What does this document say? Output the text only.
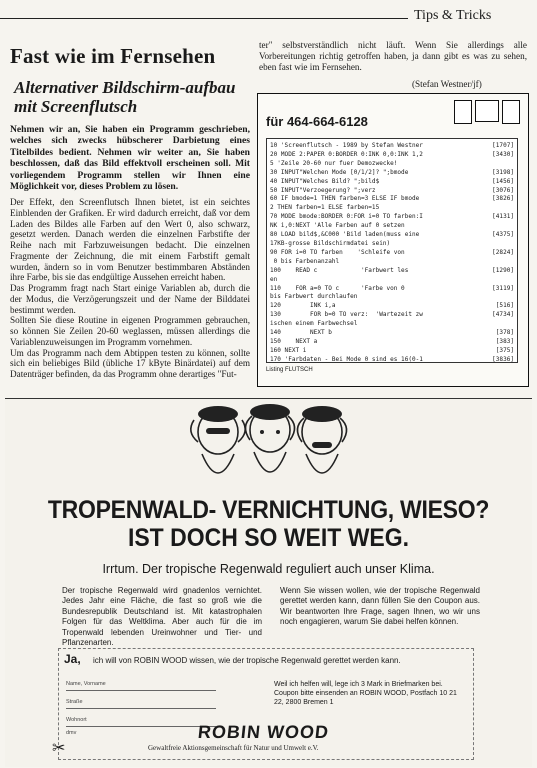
Tips & Tricks
Fast wie im Fernsehen
Alternativer Bildschirm-aufbau mit Screenflutsch
Nehmen wir an, Sie haben ein Programm geschrieben, welches sich zwecks hübscherer Darbietung eines Titelbildes bedient. Nehmen wir weiter an, Sie haben beschlossen, daß das Bild effektvoll erscheinen soll. Mit vorliegendem Programm stellen wir Ihnen eine Möglichkeit vor, dieses Problem zu lösen.

Der Effekt, den Screenflutsch Ihnen bietet, ist ein seichtes Einblenden der Grafiken. Er wird dadurch erreicht, daß vor dem Laden des Bildes alle Farben auf den Wert 0, also schwarz, gesetzt werden. Danach werden die einzelnen Farbstifte der Reihe nach mit Farbzuweisungen bedacht. Die einzelnen Fragmente der Zeichnung, die mit einem Farbstift gemalt wurden, ändern so in vom Benutzer bestimmbaren Abständen ihre Farbe, bis sie das endgültige Aussehen erreicht haben.

Das Programm fragt nach Start einige Variablen ab, durch die der Modus, die Verzögerungszeit und der Name der Bilddatei bestimmt werden.

Sollten Sie diese Routine in eigenen Programmen gebrauchen, so können Sie Zeilen 20-60 weglassen, müssen allerdings die Variablenzuweisungen im Programm vornehmen.

Um das Programm nach dem Abtippen testen zu können, sollte sich ein beliebiges Bild (übliche 17 kByte Binärdatei) auf dem Datenträger befinden, da das Programm ohne derartiges "Fut-

ter" selbstverständlich nicht läuft. Wenn Sie allerdings alle Vorbereitungen richtig getroffen haben, ja dann gibt es was zu sehen, eben fast wie im Fernsehen.

(Stefan Westner/jf)
für 464-664-6128
10 'Screenflutsch - 1989 by Stefan Westner	[1707]
20 MODE 2:PAPER 0:BORDER 0:INK 0,0:INK 1,2	[3430]
5 'Zeile 20-60 nur fuer Demozwecke!
30 INPUT"Welchen Mode [0/1/2]? ";bmode	[3198]
40 INPUT"Welches Bild? ";bild$	[1456]
50 INPUT"Verzoegerung? ";verz	[3076]
60 IF bmode=1 THEN farben=3 ELSE IF bmode	[3826]
2 THEN farben=1 ELSE farben=15
70 MODE bmode:BORDER 0:FOR i=0 TO farben:I	[4131]
NK i,0:NEXT 'Alle Farben auf 0 setzen
80 LOAD bild$,&C000 'Bild laden(muss eine	[4375]
17KB-grosse Bildschirmdatei sein)
90 FOR i=0 TO farben    'Schleife von	[2824]
0 bis Farbenanzahl
100    READ c            'Farbwert les	[1290]
en
110    FOR a=0 TO c      'Farbe von 0	[3119]
bis Farbwert durchlaufen
120        INK i,a	[516]
130        FOR b=0 TO verz:  'Wartezeit zw	[4734]
ischen einem Farbwechsel
140        NEXT b	[378]
150    NEXT a	[383]
160 NEXT i	[375]
170 'Farbdaten - Bei Mode 0 sind es 16(0-1	[3836]
Listing FLUTSCH
TROPENWALD- VERNICHTUNG, WIESO?
IST DOCH SO WEIT WEG.
Irrtum. Der tropische Regenwald reguliert auch unser Klima.
Der tropische Regenwald wird gnadenlos vernichtet. Jedes Jahr eine Fläche, die fast so groß wie die Bundesrepublik Deutschland ist. Mit katastrophalen Folgen für das Weltklima. Aber auch für die im Tropenwald lebenden Ureinwohner und Tier- und Pflanzenarten.
Wenn Sie wissen wollen, wie der tropische Regenwald gerettet werden kann, dann füllen Sie den Coupon aus. Wir beantworten Ihre Frage, sagen Ihnen, wo wir uns noch engagieren, warum Sie dabei helfen können.
Ja, ich will von ROBIN WOOD wissen, wie der tropische Regenwald gerettet werden kann.
Name, Vorname
Straße
Wohnort
dmv
Weil ich helfen will, lege ich 3 Mark in Briefmarken bei. Coupon bitte einsenden an ROBIN WOOD, Postfach 10 21 22, 2800 Bremen 1
ROBIN WOOD
Gewaltfreie Aktionsgemeinschaft für Natur und Umwelt e.V.
✂
